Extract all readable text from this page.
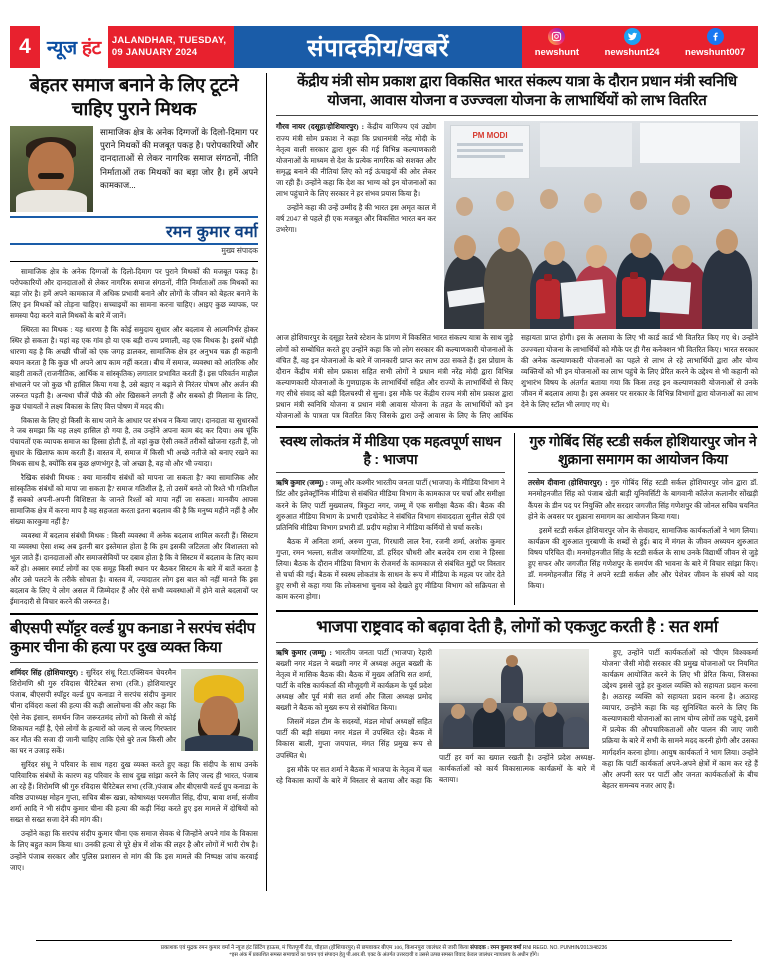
4 न्यूज हंट JALANDHAR, TUESDAY,
09 JANUARY 2024	संपादकीय/खबरें	newshunt	newshunt24	newshunt007
बेहतर समाज बनाने के लिए टूटने चाहिए पुराने मिथक
सामाजिक क्षेत्र के अनेक दिग्गजों के दिलो-दिमाग पर पुराने मिथकों की मजबूत पकड़ है। परोपकारियों और दानदाताओं से लेकर नागरिक समाज संगठनों, नीति निर्माताओं तक मिथकों का बड़ा जोर है। हमें अपने कामकाज...
रमन कुमार वर्मा
मुख्य संपादक

सामाजिक क्षेत्र के अनेक दिग्गजों के दिलो-दिमाग पर पुराने मिथकों की मजबूत पकड़ है। परोपकारियों और दानदाताओं से लेकर नागरिक समाज संगठनों, नीति निर्माताओं तक मिथकों का बड़ा जोर है। हमें अपने कामकाज में अधिक प्रभावी बनाने और लोगों के जीवन को बेहतर बनाने के लिए इन मिथकों को तोड़ना चाहिए। सच्चाइयों का सामना करना चाहिए। आइए कुछ व्यापक, पर समस्या पैदा करने वाले मिथकों के बारे में जानें।

स्थिरता का मिथक : यह धारणा है कि कोई समुदाय सुधार और बदलाव से आत्मनिर्भर होकर स्थिर हो सकता है। यहां वह एक गांव हो या एक बड़ी राज्य प्रणाली, वह एक मिथक है। इसमें थोड़ी धारणा यह है कि अच्छी चीजों को एक जगह डालकर, सामाजिक क्षेत्र हर अनुभव चक्र ही कहानी बयान करता है कि कुछ भी अपने आप काम नहीं करता। बीच में समाज, व्यवस्था को आंतरिक और बाहरी ताकतें (राजनीतिक, आर्थिक व सांस्कृतिक) लगातार प्रभावित करती हैं। इस परिवर्तन माहौल संभालने पर जो कुछ भी हासिल किया गया है, उसे बहाए न बढ़ाने से निरंतर पोषण और अर्जन की जरूरत पड़ती है। अन्यथा चीजें पीछे की ओर खिसकने लगती हैं और सबको ही मिलाना के लिए, कुछ पंचायतों ने लक्ष्य विकास के लिए वित्त पोषण में मदद की।

विकास के लिए हो किसी के साथ जाने के आधार पर संभव न किया जाए। दानदाता या सुधारकों ने जब समझा कि यह लक्ष्य हासिल हो गया है, तब उन्होंने अपना काम बंद कर दिया। अब चूंकि पंचायतों एक व्यापक समाज का हिस्सा होती हैं, तो वहां कुछ ऐसी तकतें तरीकों खोजना रहती हैं, जो सुधार के खिलाफ काम करती हैं। वास्तव में, समाज में किसी भी अच्छे नतीजे को बनाए रखने का मिथक साथ है, क्योंकि सब कुछ क्षणभंगुर है, जो अच्छा है, वह वो और भी ज्यादा।

रैखिक संबंधी मिथक : क्या मानवीय संबंधों को मापना जा सकता है? क्या सामाजिक और सांस्कृतिक संबंधों को मापा जा सकता है? समाज गतिशील है, तो उसमें बनते जो रिश्ते भी गतिशील हैं सबको अपनी-अपनी विशिष्टता के जानते रिश्तों को मापा नहीं जा सकता। मानवीय आपस सामाजिक क्षेत्र में करना माप है वह सहजता करता इतना बदलाव की है कि मनुष्य महीने नहीं है और संख्या कारकुमा नहीं है?

व्यवस्था में बदलाव संबंधी मिथक : किसी व्यवस्था में अनेक बदलाव शामिल करती हैं। सिस्टम या व्यवस्था ऐसा शब्द अब इतनी बार इस्तेमाल होता है कि हम इसकी जटिलता और विशालता को भूल जाते हैं। दानदाताओं और समाजसेवियों पर दबाव होता है कि वे सिस्टम में बदलाव के लिए काम करें हो। अक्सर स्मार्ट लोगों का एक समूह किसी स्थान पर बैठकर सिस्टम के बारे में बातें करता है और उसे पलटने के तरीके सोचता है। वास्तव में, ज्यादातर लोग इस बात को नहीं मानते कि इस बदलाव के लिए ये लोग असल में जिम्मेदार हैं और ऐसे सभी व्यवस्थाओं में होने वाले बदलावों पर ईमानदारी से विचार करने की जरूरत है।

बीएसपी स्पॉट्टर वर्ल्ड ग्रुप कनाडा ने सरपंच संदीप कुमार चीना की हत्या पर दुख व्यक्त किया

शमिंदर सिंह (होशियारपुर) : सुरिंदर संधू रिटा.एक्सियन चेयरमैन शिरोमणि श्री गुरु रविदास चैरिटेबल सभा (रजि.) होशियारपुर पंजाब, बीएसपी स्पॉट्टर वर्ल्ड ग्रुप कनाडा ने सरपंच संदीप कुमार चीना दविंदरा कलां की हत्या की कड़ी आलोचना की और कहा कि ऐसे नेक इंसान, समर्थन जिन जरूरतमंद लोगों को किसी से कोई शिकायत नहीं है, ऐसे लोगों के हत्यारों को जल्द से जल्द गिरफ्तार कर मौत की सजा दी जानी चाहिए ताकि ऐसे बुरे तत्व किसी और का घर न उजाड़ सकें।

सुरिंदर संधू ने परिवार के साथ गहरा दुख व्यक्त करते हुए कहा कि संदीप के साथ उनके पारिवारिक संबंधों के कारण वह परिवार के साथ दुख सांझा करने के लिए जल्द ही भारत, पंजाब आ रहे हैं। शिरोमणि श्री गुरु रविदास चैरिटेबल सभा (रजि.)पंजाब और बीएसपी वर्ल्ड ग्रुप कनाडा के वरिष्ठ उपाध्यक्ष मोहन गुप्ता, सचिव बीरू खन्ना, कोषाध्यक्ष परमजीत सिंह, दीपा, बावा शर्मा, संजीव शर्मा आदि ने भी संदीप कुमार चीना की हत्या की कड़ी निंदा करते हुए इस मामले में दोषियों को सख्त से सख्त सजा देने की मांग की।

उन्होंने कहा कि सरपंच संदीप कुमार चीना एक समाज सेवक थे जिन्होंने अपने गांव के विकास के लिए बहुत काम किया था। उनकी हत्या से पूरे क्षेत्र में शोक की लहर है और लोगों में भारी रोष है। उन्होंने पंजाब सरकार और पुलिस प्रशासन से मांग की कि इस मामले की निष्पक्ष जांच करवाई जाए।

केंद्रीय मंत्री सोम प्रकाश द्वारा विकसित भारत संकल्प यात्रा के दौरान प्रधान मंत्री स्वनिधि योजना, आवास योजना व उज्ज्वला योजना के लाभार्थियों को लाभ वितरित

गौरव नायर (दसूहा/होशियारपुर) : केंद्रीय वाणिज्य एवं उद्योग राज्य मंत्री सोम प्रकाश ने कहा कि प्रधानमंत्री नरेंद्र मोदी के नेतृत्व वाली सरकार द्वारा शुरू की गई विभिन्न कल्याणकारी योजनाओं के माध्यम से देश के प्रत्येक नागरिक को सशक्त और समृद्ध बनाने की नीतियां लिए को नई ऊंचाइयों की ओर लेकर जा रही हैं। उन्होंने कहा कि देश का भाग्य को इन योजनाओं का लाभ पहुंचाने के लिए सरकार ने हर संभव प्रयास किया है।

उन्होंने कहा की उन्हें उम्मीद है की भारत इस अमृत काल में वर्ष 2047 से पहले ही एक मजबूत और विकसित भारत बन कर उभरेगा।

PM MODI

आज होशियारपुर के दसूहा रेलवे स्टेशन के प्रांगण में विकसित भारत संकल्प यात्रा के साथ जुड़े लोगों को सम्बोधित करते हुए उन्होंने कहा कि जो लोग सरकार की कल्याणकारी योजनाओं के वंचित हैं, वह इन योजनाओं के बारे में जानकारी प्राप्त कर लाभ उठा सकते हैं। इस प्रोग्राम के दौरान केंद्रीय मंत्री सोम प्रकाश सहित सभी लोगों ने प्रधान मंत्री नरेंद्र मोदी द्वारा विभिन्न कल्याणकारी योजनाओं के गुणग्राहक के लाभार्थियों सहित और राज्यों के लाभार्थियों से किए गए सीधे संवाद को बड़ी दिलचस्पी से सुना। इस मौके पर केंद्रीय राज्य मंत्री सोम प्रकाश द्वारा प्रधान मंत्री स्वनिधि योजना व प्रधान मंत्री आवास योजना के तहत के लाभार्थियों को इन योजनाओं के पात्रता पत्र वितरित किए जिसके द्वारा उन्हें आवास के लिए के लिए आर्थिक सहायता प्राप्त होगी। इस के अलावा के लिए भी कार्ड कार्ड भी वितरित किए गए थे। उन्होंने उज्ज्वला योजना के लाभार्थियों को मौके पर ही गैस कनेक्शन भी वितरित किए। भारत सरकार की अनेक कल्याणकारी योजनाओं का पहले से लाभ ले रहे लाभार्थियों द्वारा और योग्य व्यक्तियों को भी इन योजनाओं का लाभ पहुंचे के लिए प्रेरित करने के उद्देश्य से भी कहानी को शुभारंभ विषय के अंतर्गत बताया गया कि किस तरह इन कल्याणकारी योजनाओं से उनके जीवन में बदलाव आया है। इस अवसर पर सरकार के विभिन्न विभागों द्वारा योजनाओं का लाभ देने के लिए स्टॉल भी लगाए गए थे।

स्वस्थ लोकतंत्र में मीडिया एक महत्वपूर्ण साधन है : भाजपा

ऋषि कुमार (जम्मू) : जम्मू और कश्मीर भारतीय जनता पार्टी (भाजपा) के मीडिया विभाग ने प्रिंट और इलेक्ट्रॉनिक मीडिया से संबंधित मीडिया विभाग के कामकाज पर चर्चा और समीक्षा करने के लिए पार्टी मुख्यालय, त्रिकुटा नगर, जम्मू में एक समीक्षा बैठक की। बैठक की शुरुआत मीडिया विभाग के प्रभारी एडवोकेट ने संबंधित विभाग संवाददाता सुनील सेठी एवं प्रतिनिधि मीडिया विभाग प्रभारी डॉ. प्रदीप महोत्रा ने मीडिया कर्मियों से चर्चा करके।

बैठक में अनिता शर्मा, अरुण गुप्ता, गिरधारी लाल रैना, रजनी शर्मा, अशोक कुमार गुप्ता, रमन भल्ला, सतीश जयगोटिया, डॉ. हरिंदर चौधरी और बलदेव राम रात्रा ने हिस्सा लिया। बैठक के दौरान मीडिया विभाग के रोजमर्रा के कामकाज से संबंधित मुद्दों पर विस्तार से चर्चा की गई। बैठक में स्वस्थ लोकतंत्र के साधन के रूप में मीडिया के महत्व पर जोर देते हुए सभी से कहा गया कि लोकसभा चुनाव को देखते हुए मीडिया विभाग को सक्रियता से काम करना होगा।

गुरु गोबिंद सिंह स्टडी सर्कल होशियारपुर जोन ने शुक्राना समागम का आयोजन किया

तरसेम दीवाना (होशियारपुर) : गुरु गोबिंद सिंह स्टडी सर्कल होशियारपुर जोन द्वारा डॉ. मनमोहनजीत सिंह को पंजाब खेती बाड़ी यूनिवर्सिटी के बागवानी कॉलेज कलानौर सोंखड़ी कैंपस के डीन पद पर नियुक्ति और सरदार जगजीत सिंह गणेशपुर की जोनल सचिव चयनित होने के अवसर पर शुक्राना समागम का आयोजन किया गया।

इसमें स्टडी सर्कल होशियारपुर जोन के सेवादार, सामाजिक कार्यकर्ताओं ने भाग लिया। कार्यक्रम की शुरुआत गुरबाणी के शब्दों से हुई। बाद में मंगल के जीवन अध्ययन शुरुआत विषय परिचित दी। मनमोहनजीत सिंह के स्टडी सर्कल के साथ उनके विद्यार्थी जीवन से जुड़े हुए सफर और जगजीत सिंह गणेशपुर के समर्पण की भावना के बारे में विचार सांझा किए। डॉ. मनमोहनजीत सिंह ने अपने स्टडी सर्कल और और पेशेवर जीवन के संघर्ष को याद किया।

भाजपा राष्ट्रवाद को बढ़ावा देती है, लोगों को एकजुट करती है : सत शर्मा

ऋषि कुमार (जम्मू) : भारतीय जनता पार्टी (भाजपा) रेहारी बख्शी नगर मंडल ने बख्शी नगर में अध्यक्ष अतुल बख्शी के नेतृत्व में मासिक बैठक की। बैठक में मुख्य अतिथि सत शर्मा, पार्टी के वरिष्ठ कार्यकर्ता की मौजूदगी में कार्यक्रम के पूर्व प्रदेश अध्यक्ष और पूर्व मंत्री सत शर्मा और जिला अध्यक्ष प्रमोद बख्शी ने बैठक को मुख्य रूप से संबोधित किया।

जिसमें मंडल टीम के सदस्यों, मंडल मोर्चा अध्यक्षों सहित पार्टी की बड़ी संख्या नगर मंडल में उपस्थित रहे। बैठक में विकास बाली, गुप्ता जयपाल, मंगत सिंह प्रमुख रूप से उपस्थित थे।

इस मौके पर सत शर्मा ने बैठक में भाजपा के नेतृत्व में चल रहे विकास कार्यों के बारे में विस्तार से बताया और कहा कि पार्टी हर वर्ग का ख्याल रखती है। उन्होंने प्रदेश अध्यक्ष-कार्यकर्ताओं को कार्य विकासात्मक कार्यक्रमों के बारे में बताया।

हुए, उन्होंने पार्टी कार्यकर्ताओं को 'पीएम विश्वकर्मा योजना' जैसी मोदी सरकार की प्रमुख योजनाओं पर नियमित कार्यक्रम आयोजित करने के लिए भी प्रेरित किया, जिसका उद्देश्य इससे जुड़े हर कुशल व्यक्ति को सहायता प्रदान करना है। अठारह व्यक्ति को सहायता प्रदान करना है। अठारह व्यापार, उन्होंने कहा कि यह सुनिश्चित करने के लिए कि कल्याणकारी योजनाओं का लाभ योग्य लोगों तक पहुंचे, इसमें में प्रत्येक की औपचारिकताओं और पालन की जाए जारी प्रक्रिया के बारे में सभी के सामने मदद करनी होगी और उसका मार्गदर्शन करना होगा। आयुष कार्यकर्ता ने भाग लिया। उन्होंने कहा कि पार्टी कार्यकर्ता अपने-अपने क्षेत्रों में काम कर रहे हैं और अपनी स्तर पर पार्टी और जनता कार्यकर्ताओं के बीच बेहतर समन्वय नजर आए हैं।

प्रकाशक एवं मुद्रक रमन कुमार वर्मा ने न्यूज हंट प्रिंटिंग हाऊस, मं चितपूर्णी रोड, चौहाल (होशियारपुर) से छपवाकर बीएम 106, किशनपुरा जालंधर से जारी किया संपादक : रमन कुमार वर्मा RNI REGD. NO. PUNHIN/2013/48236
*इस अंक में प्रकाशित समस्त समाचारों का चयन एवं संपादन हेतु पी.आर.बी. एक्ट के अंतर्गत उत्तरदायी व उससे उत्पन्न समस्त विवाद केवल जालंधर न्यायालय के अधीन होंगे।
